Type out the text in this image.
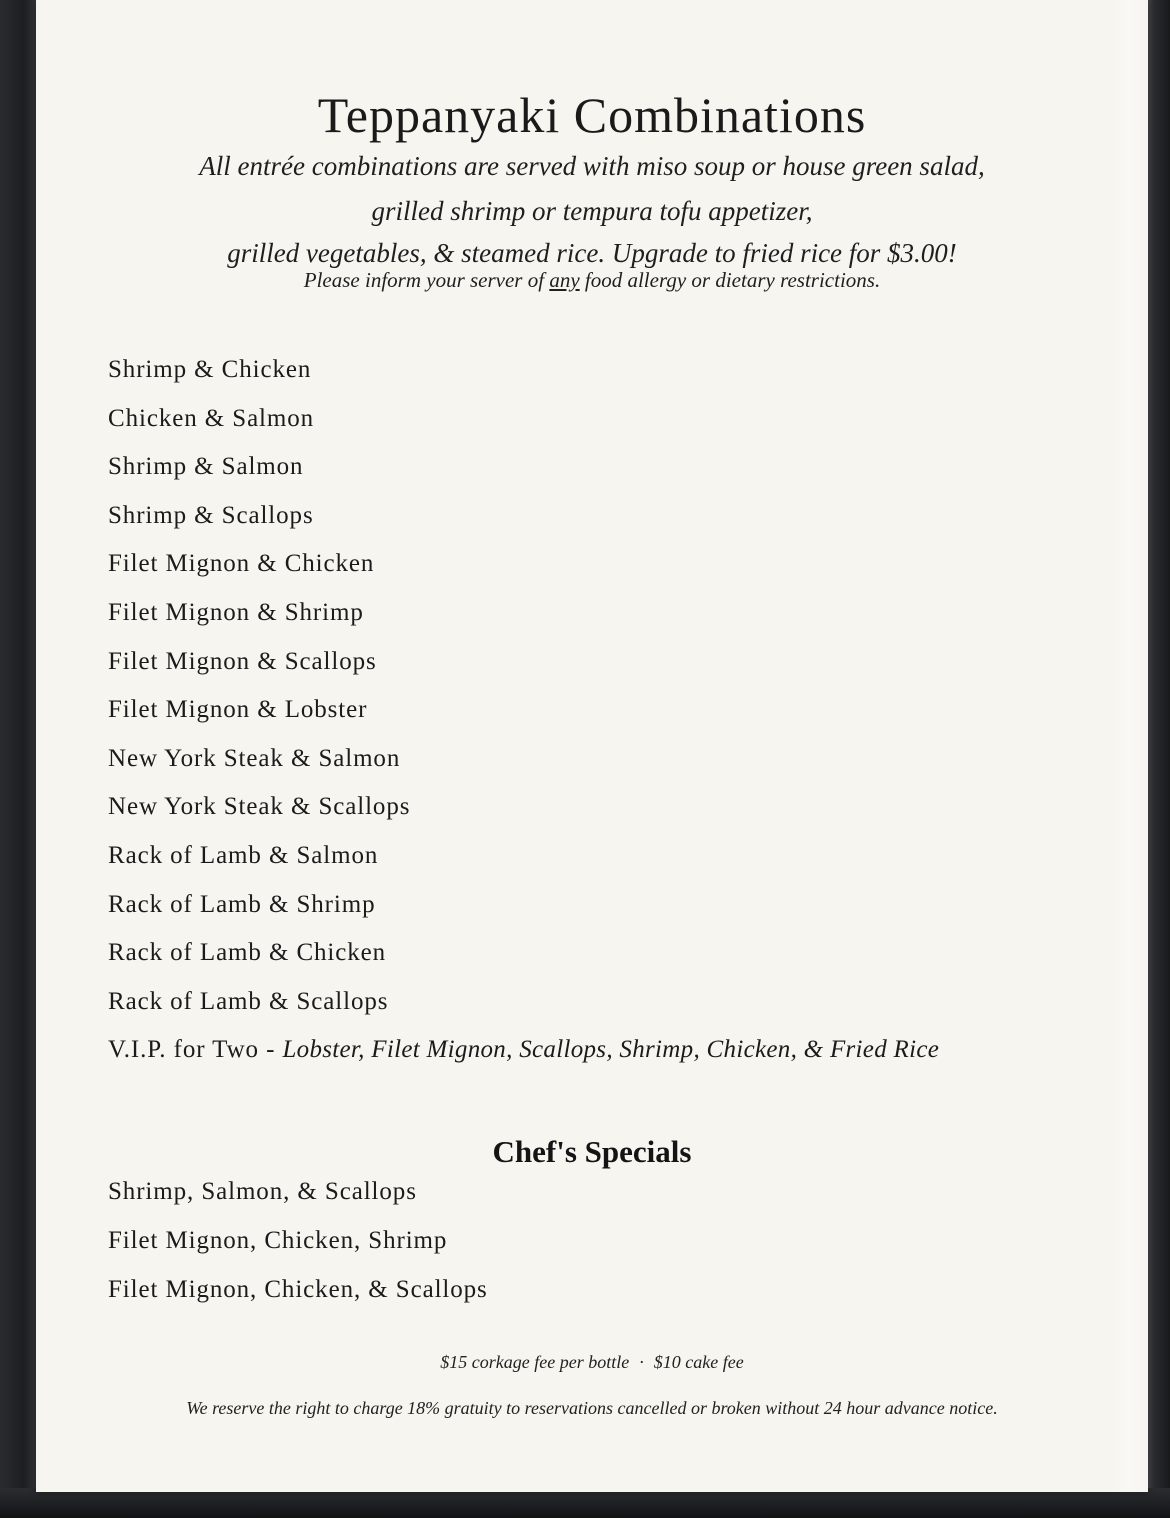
Teppanyaki Combinations

All entrée combinations are served with miso soup or house green salad,

grilled shrimp or tempura tofu appetizer,

grilled vegetables, & steamed rice. Upgrade to fried rice for $3.00!

Please inform your server of any food allergy or dietary restrictions.

Shrimp & Chicken
Chicken & Salmon
Shrimp & Salmon
Shrimp & Scallops
Filet Mignon & Chicken
Filet Mignon & Shrimp
Filet Mignon & Scallops
Filet Mignon & Lobster
New York Steak & Salmon
New York Steak & Scallops
Rack of Lamb & Salmon
Rack of Lamb & Shrimp
Rack of Lamb & Chicken
Rack of Lamb & Scallops
V.I.P. for Two - Lobster, Filet Mignon, Scallops, Shrimp, Chicken, & Fried Rice
Chef's Specials
Shrimp, Salmon, & Scallops
Filet Mignon, Chicken, Shrimp
Filet Mignon, Chicken, & Scallops

$15 corkage fee per bottle · $10 cake fee

We reserve the right to charge 18% gratuity to reservations cancelled or broken without 24 hour advance notice.
